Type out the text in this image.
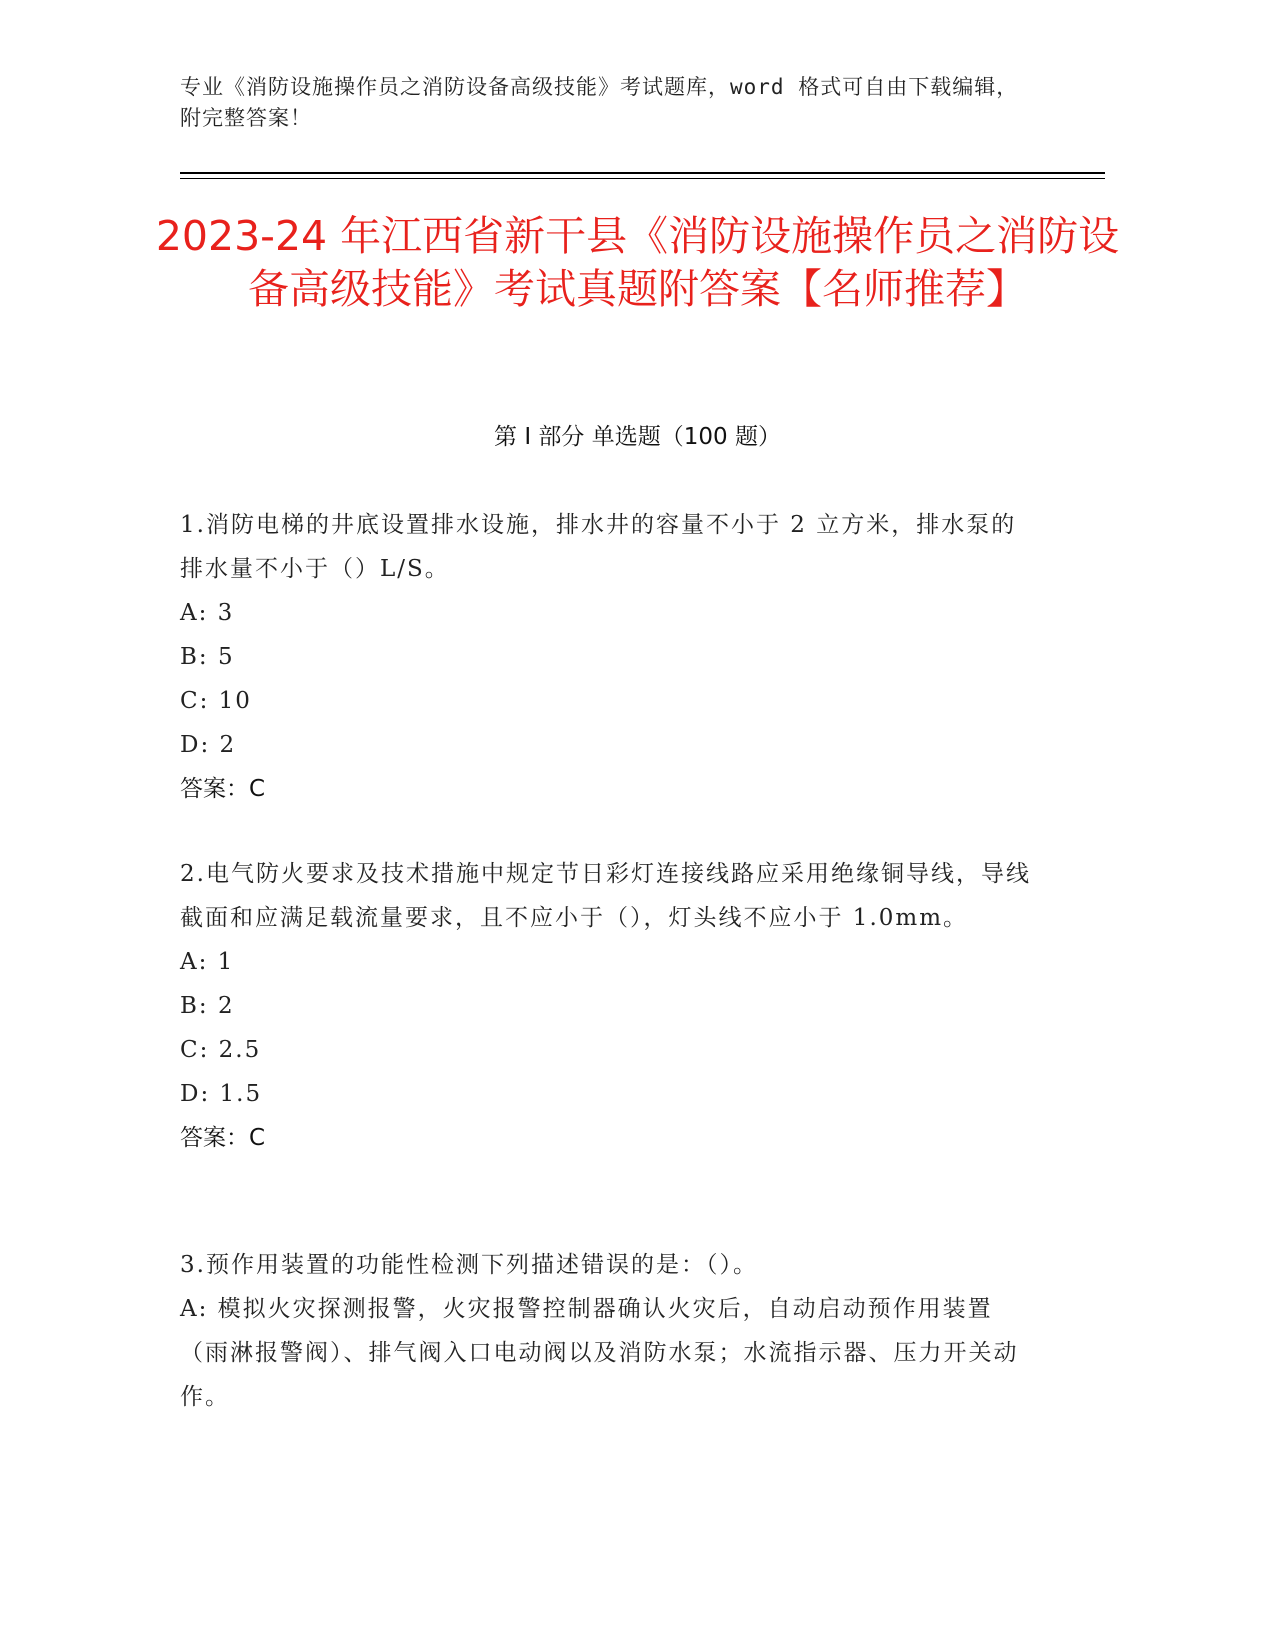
专业《消防设施操作员之消防设备高级技能》考试题库，word 格式可自由下载编辑，附完整答案！
2023-24 年江西省新干县《消防设施操作员之消防设备高级技能》考试真题附答案【名师推荐】
第 I 部分 单选题（100 题）

1.消防电梯的井底设置排水设施，排水井的容量不小于 2 立方米，排水泵的排水量不小于（）L/S。

A: 3

B: 5

C: 10

D: 2

答案：C

2.电气防火要求及技术措施中规定节日彩灯连接线路应采用绝缘铜导线，导线截面和应满足载流量要求，且不应小于（），灯头线不应小于 1.0mm。

A: 1

B: 2

C: 2.5

D: 1.5

答案：C

3.预作用装置的功能性检测下列描述错误的是：（）。

A: 模拟火灾探测报警，火灾报警控制器确认火灾后，自动启动预作用装置（雨淋报警阀）、排气阀入口电动阀以及消防水泵；水流指示器、压力开关动作。
